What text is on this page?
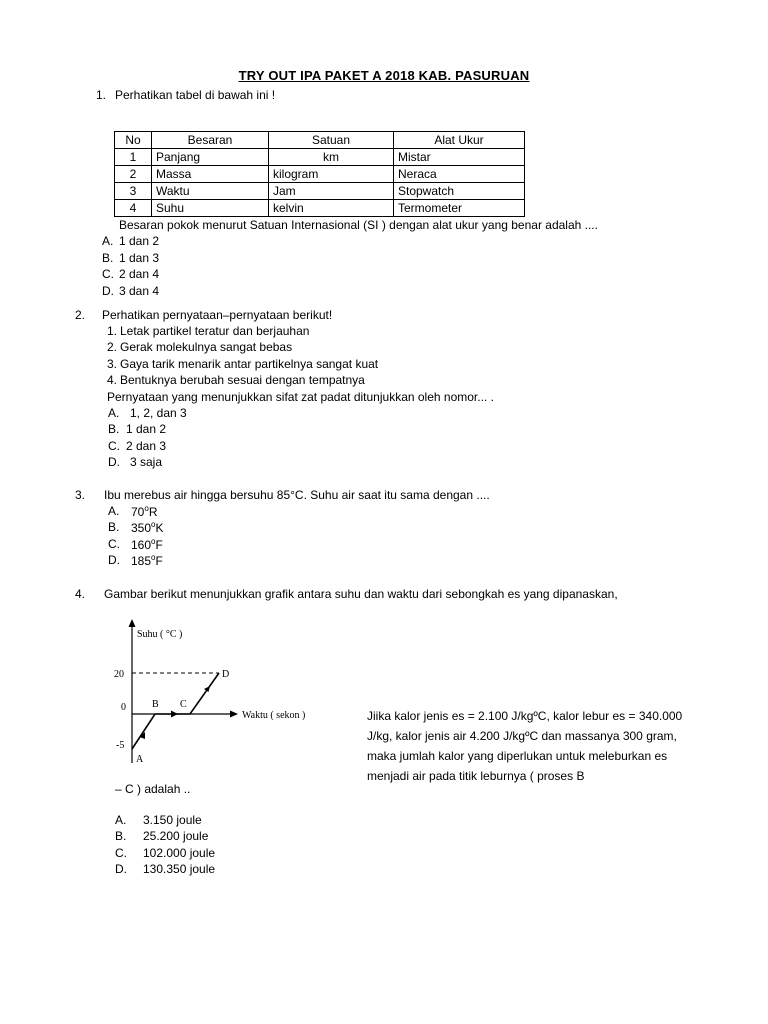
TRY OUT IPA PAKET A 2018 KAB. PASURUAN
1. Perhatikan tabel di bawah ini !
No	Besaran	Satuan	Alat Ukur
1	Panjang	km	Mistar
2	Massa	kilogram	Neraca
3	Waktu	Jam	Stopwatch
4	Suhu	kelvin	Termometer
Besaran pokok menurut Satuan Internasional (SI ) dengan alat ukur yang benar adalah ....
A. 1 dan 2
B. 1 dan 3
C. 2 dan 4
D. 3 dan 4
2. Perhatikan pernyataan–pernyataan berikut!
1. Letak partikel teratur dan berjauhan
2. Gerak molekulnya sangat bebas
3. Gaya tarik menarik antar partikelnya sangat kuat
4. Bentuknya berubah sesuai dengan tempatnya
Pernyataan yang menunjukkan sifat zat padat ditunjukkan oleh nomor... .
A. 1, 2, dan 3
B. 1 dan 2
C. 2 dan 3
D. 3 saja
3. Ibu merebus air hingga bersuhu 85°C. Suhu air saat itu sama dengan ....
A. 70$^o$R
B. 350$^o$K
C. 160$^o$F
D. 185$^o$F
4. Gambar berikut menunjukkan grafik antara suhu dan waktu dari sebongkah es yang dipanaskan,
Suhu ( °C )
Waktu ( sekon )
20
0
-5
A
B C
D
Jiika kalor jenis es = 2.100 J/kgºC, kalor lebur es = 340.000 J/kg, kalor jenis air 4.200 J/kgºC dan massanya 300 gram, maka jumlah kalor yang diperlukan untuk meleburkan es menjadi air pada titik leburnya ( proses B
– C ) adalah ..
A. 3.150 joule
B. 25.200 joule
C. 102.000 joule
D. 130.350 joule
